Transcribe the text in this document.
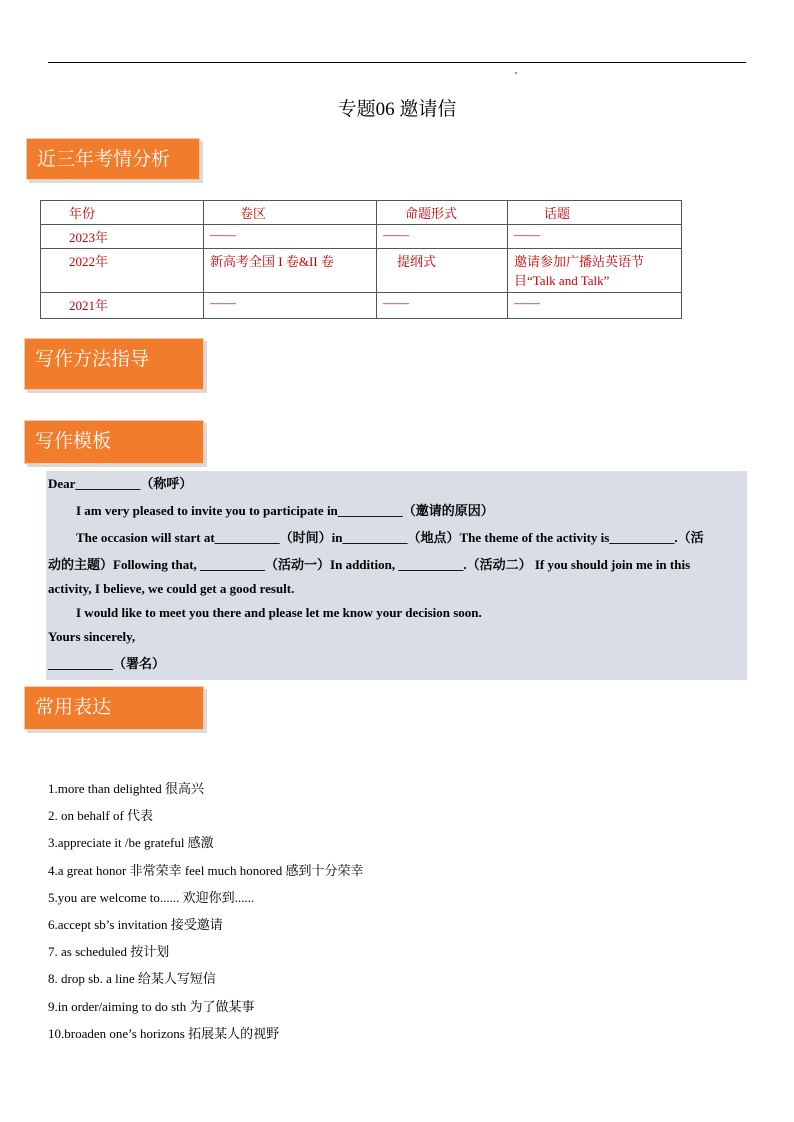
专题06 邀请信
近三年考情分析
年份	卷区	命题形式	话题
2023年	——	——	——
2022年	新高考全国 I 卷&II 卷	提纲式	邀请参加广播站英语节目“Talk and Talk”
2021年	——	——	——
写作方法指导
写作模板
Dear__________（称呼）
I am very pleased to invite you to participate in__________（邀请的原因）
The occasion will start at__________（时间）in__________（地点）The theme of the activity is__________.（活
动的主题）Following that, __________（活动一）In addition, __________.（活动二） If you should join me in this
activity, I believe, we could get a good result.
I would like to meet you there and please let me know your decision soon.
Yours sincerely,
__________（署名）
常用表达
1.more than delighted 很高兴
2. on behalf of 代表
3.appreciate it /be grateful 感激
4.a great honor 非常荣幸 feel much honored 感到十分荣幸
5.you are welcome to...... 欢迎你到......
6.accept sb’s invitation 接受邀请
7. as scheduled 按计划
8. drop sb. a line 给某人写短信
9.in order/aiming to do sth 为了做某事
10.broaden one’s horizons 拓展某人的视野
